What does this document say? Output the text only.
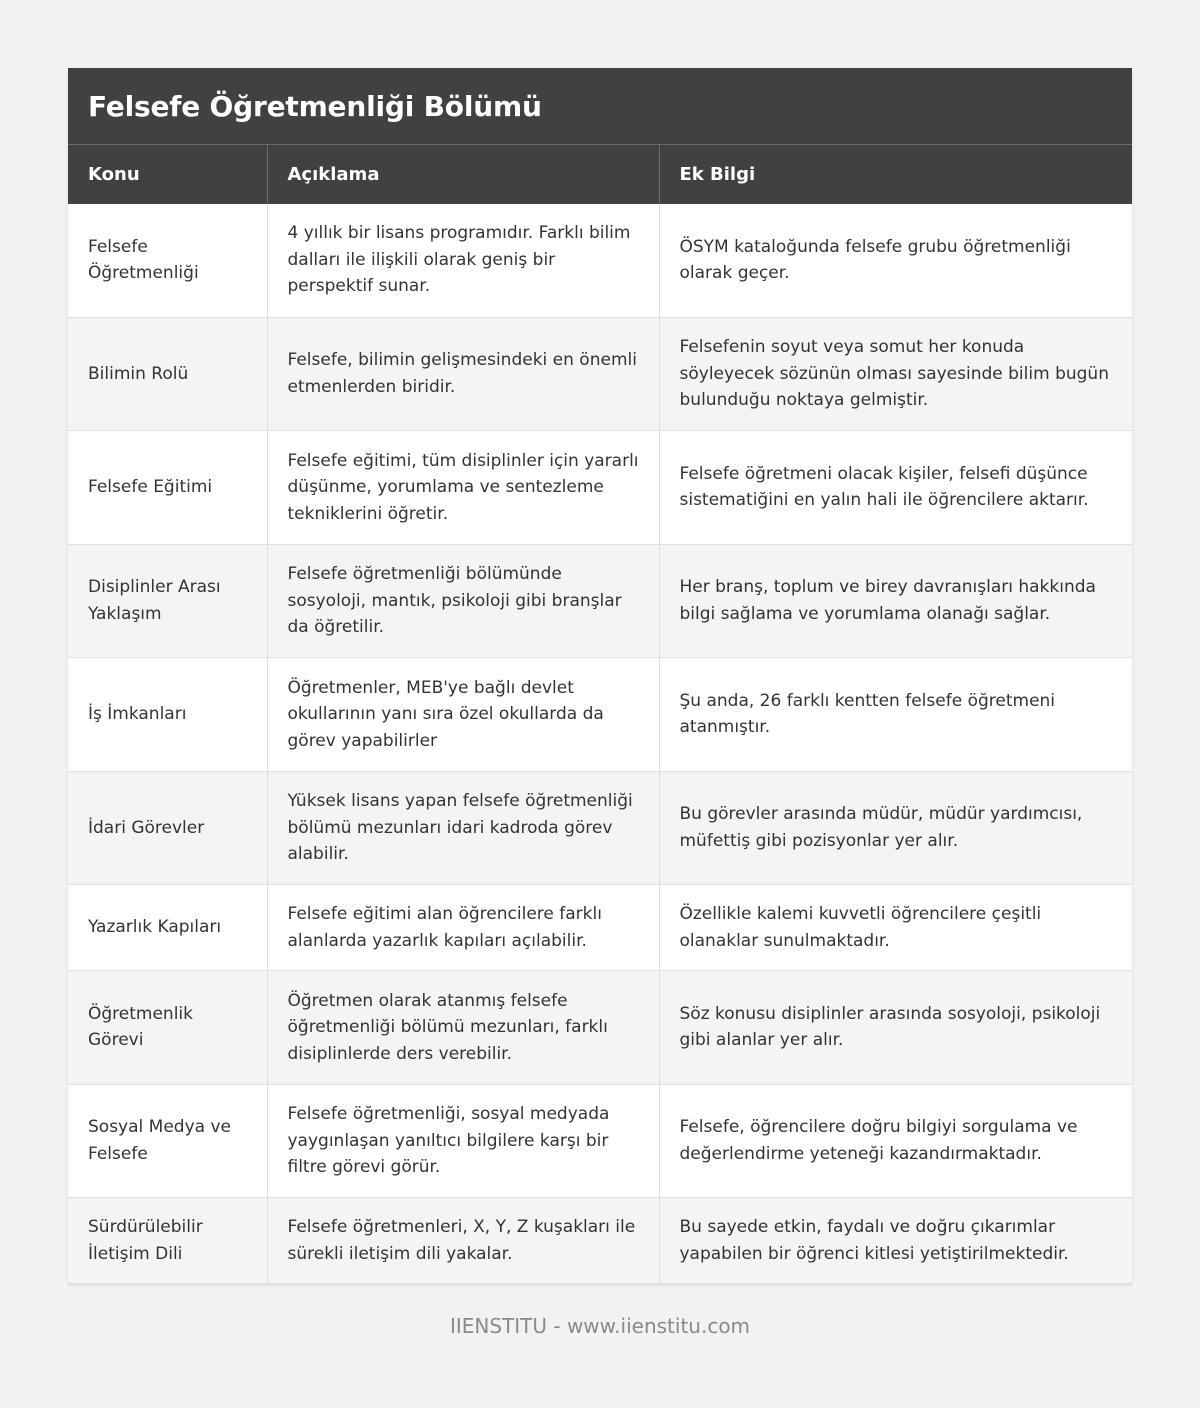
Felsefe Öğretmenliği Bölümü
Konu	Açıklama	Ek Bilgi
Felsefe Öğretmenliği	4 yıllık bir lisans programıdır. Farklı bilim dalları ile ilişkili olarak geniş bir perspektif sunar.	ÖSYM kataloğunda felsefe grubu öğretmenliği olarak geçer.
Bilimin Rolü	Felsefe, bilimin gelişmesindeki en önemli etmenlerden biridir.	Felsefenin soyut veya somut her konuda söyleyecek sözünün olması sayesinde bilim bugün bulunduğu noktaya gelmiştir.
Felsefe Eğitimi	Felsefe eğitimi, tüm disiplinler için yararlı düşünme, yorumlama ve sentezleme tekniklerini öğretir.	Felsefe öğretmeni olacak kişiler, felsefi düşünce sistematiğini en yalın hali ile öğrencilere aktarır.
Disiplinler Arası Yaklaşım	Felsefe öğretmenliği bölümünde sosyoloji, mantık, psikoloji gibi branşlar da öğretilir.	Her branş, toplum ve birey davranışları hakkında bilgi sağlama ve yorumlama olanağı sağlar.
İş İmkanları	Öğretmenler, MEB'ye bağlı devlet okullarının yanı sıra özel okullarda da görev yapabilirler	Şu anda, 26 farklı kentten felsefe öğretmeni atanmıştır.
İdari Görevler	Yüksek lisans yapan felsefe öğretmenliği bölümü mezunları idari kadroda görev alabilir.	Bu görevler arasında müdür, müdür yardımcısı, müfettiş gibi pozisyonlar yer alır.
Yazarlık Kapıları	Felsefe eğitimi alan öğrencilere farklı alanlarda yazarlık kapıları açılabilir.	Özellikle kalemi kuvvetli öğrencilere çeşitli olanaklar sunulmaktadır.
Öğretmenlik Görevi	Öğretmen olarak atanmış felsefe öğretmenliği bölümü mezunları, farklı disiplinlerde ders verebilir.	Söz konusu disiplinler arasında sosyoloji, psikoloji gibi alanlar yer alır.
Sosyal Medya ve Felsefe	Felsefe öğretmenliği, sosyal medyada yaygınlaşan yanıltıcı bilgilere karşı bir filtre görevi görür.	Felsefe, öğrencilere doğru bilgiyi sorgulama ve değerlendirme yeteneği kazandırmaktadır.
Sürdürülebilir İletişim Dili	Felsefe öğretmenleri, X, Y, Z kuşakları ile sürekli iletişim dili yakalar.	Bu sayede etkin, faydalı ve doğru çıkarımlar yapabilen bir öğrenci kitlesi yetiştirilmektedir.
IIENSTITU - www.iienstitu.com
